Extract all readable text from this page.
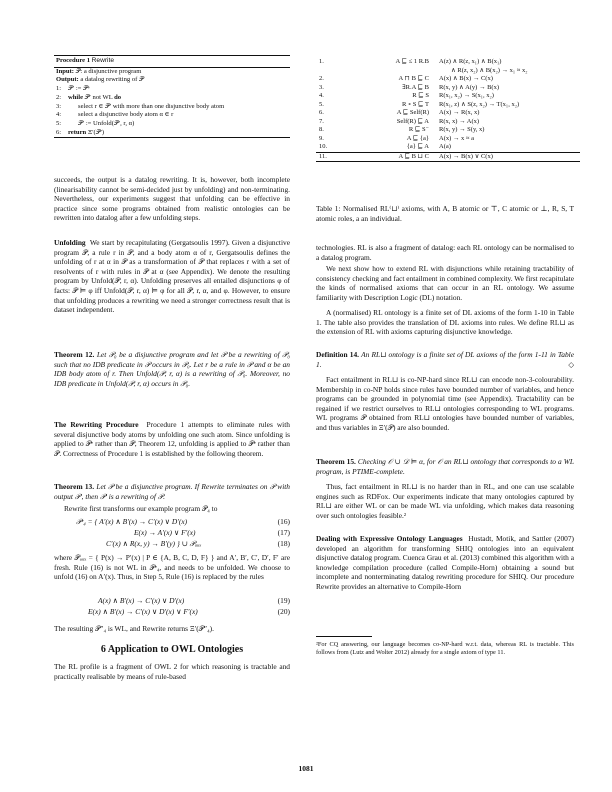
Procedure 1 Rewrite
Input: 𝒫: a disjunctive program
Output: a datalog rewriting of 𝒫
1: 𝒫′ := 𝒫ᵉ
2: while 𝒫′ not WL do
3:	select r ∈ 𝒫′ with more than one disjunctive body atom
4:	select a disjunctive body atom α ∈ r
5:	𝒫′ := Unfold(𝒫′, r, α)
6: return Ξ′(𝒫′)

succeeds, the output is a datalog rewriting. It is, however, both incomplete (linearisability cannot be semi-decided just by unfolding) and non-terminating. Nevertheless, our experiments suggest that unfolding can be effective in practice since some programs obtained from realistic ontologies can be rewritten into datalog after a few unfolding steps.

Unfolding We start by recapitulating (Gergatsoulis 1997). Given a disjunctive program 𝒫, a rule r in 𝒫, and a body atom α of r, Gergatsoulis defines the unfolding of r at α in 𝒫 as a transformation of 𝒫 that replaces r with a set of resolvents of r with rules in 𝒫 at α (see Appendix). We denote the resulting program by Unfold(𝒫, r, α). Unfolding preserves all entailed disjunctions φ of facts: 𝒫 ⊨ φ iff Unfold(𝒫, r, α) ⊨ φ for all 𝒫, r, α, and φ. However, to ensure that unfolding produces a rewriting we need a stronger correctness result that is dataset independent.

Theorem 12. Let 𝒫₀ be a disjunctive program and let 𝒫 be a rewriting of 𝒫₀ such that no IDB predicate in 𝒫 occurs in 𝒫₀. Let r be a rule in 𝒫 and α be an IDB body atom of r. Then Unfold(𝒫, r, α) is a rewriting of 𝒫₀. Moreover, no IDB predicate in Unfold(𝒫, r, α) occurs in 𝒫₀.

The Rewriting Procedure Procedure 1 attempts to eliminate rules with several disjunctive body atoms by unfolding one such atom. Since unfolding is applied to 𝒫ᵉ rather than 𝒫, Theorem 12, unfolding is applied to 𝒫ᵉ rather than 𝒫. Correctness of Procedure 1 is established by the following theorem.

Theorem 13. Let 𝒫 be a disjunctive program. If Rewrite terminates on 𝒫 with output 𝒫′, then 𝒫′ is a rewriting of 𝒫.

Rewrite first transforms our example program 𝒫₄ to

𝒫ᵉ₄ = { A′(x) ∧ B′(x) → C′(x) ∨ D′(x)	(16)
E(x) → A′(x) ∨ F′(x)	(17)
C′(x) ∧ R(x, y) → B′(y) } ∪ 𝒫ₐᵤₓ	(18)

where 𝒫ₐᵤₓ = { P(x) → P′(x) | P ∈ {A, B, C, D, F} } and A′, B′, C′, D′, F′ are fresh. Rule (16) is not WL in 𝒫ᵉ₄, and needs to be unfolded. We choose to unfold (16) on A′(x). Thus, in Step 5, Rule (16) is replaced by the rules

A(x) ∧ B′(x) → C′(x) ∨ D′(x)	(19)
E(x) ∧ B′(x) → C′(x) ∨ D′(x) ∨ F′(x)	(20)

The resulting 𝒫″₄ is WL, and Rewrite returns Ξ′(𝒫″₄).

6 Application to OWL Ontologies

The RL profile is a fragment of OWL 2 for which reasoning is tractable and practically realisable by means of rule-based

1.	A ⊑ ≤ 1 R.B	A(z) ∧ R(z, x₁) ∧ B(x₁)
∧ R(z, x₂) ∧ B(x₂) → x₁ ≈ x₂
2.	A ⊓ B ⊑ C	A(x) ∧ B(x) → C(x)
3.	∃R.A ⊑ B	R(x, y) ∧ A(y) → B(x)
4.	R ⊑ S	R(x₁, x₂) → S(x₁, x₂)
5.	R ∘ S ⊑ T	R(x₁, z) ∧ S(z, x₂) → T(x₁, x₂)
6.	A ⊑ Self(R)	A(x) → R(x, x)
7.	Self(R) ⊑ A	R(x, x) → A(x)
8.	R ⊑ S⁻	R(x, y) → S(y, x)
9.	A ⊑ {a}	A(x) → x ≈ a
10.	{a} ⊑ A	A(a)
11.	A ⊑ B ⊔ C	A(x) → B(x) ∨ C(x)
Table 1: Normalised RL⁽⊔⁾ axioms, with A, B atomic or ⊤, C atomic or ⊥, R, S, T atomic roles, a an individual.

technologies. RL is also a fragment of datalog: each RL ontology can be normalised to a datalog program.

We next show how to extend RL with disjunctions while retaining tractability of consistency checking and fact entailment in combined complexity. We first recapitulate the kinds of normalised axioms that can occur in an RL ontology. We assume familiarity with Description Logic (DL) notation.

A (normalised) RL ontology is a finite set of DL axioms of the form 1-10 in Table 1. The table also provides the translation of DL axioms into rules. We define RL⊔ as the extension of RL with axioms capturing disjunctive knowledge.

Definition 14. An RL⊔ ontology is a finite set of DL axioms of the form 1-11 in Table 1.	◇

Fact entailment in RL⊔ is co-NP-hard since RL⊔ can encode non-3-colourability. Membership in co-NP holds since rules have bounded number of variables, and hence programs can be grounded in polynomial time (see Appendix). Tractability can be regained if we restrict ourselves to RL⊔ ontologies corresponding to WL programs. WL programs 𝒫 obtained from RL⊔ ontologies have bounded number of variables, and thus variables in Ξ′(𝒫) are also bounded.

Theorem 15. Checking 𝒪 ∪ 𝒟 ⊨ α, for 𝒪 an RL⊔ ontology that corresponds to a WL program, is PTIME-complete.

Thus, fact entailment in RL⊔ is no harder than in RL, and one can use scalable engines such as RDFox. Our experiments indicate that many ontologies captured by RL⊔ are either WL or can be made WL via unfolding, which makes data reasoning over such ontologies feasible.²

Dealing with Expressive Ontology Languages Hustadt, Motik, and Sattler (2007) developed an algorithm for transforming SHIQ ontologies into an equivalent disjunctive datalog program. Cuenca Grau et al. (2013) combined this algorithm with a knowledge compilation procedure (called Compile-Horn) obtaining a sound but incomplete and nonterminating datalog rewriting procedure for SHIQ. Our procedure Rewrite provides an alternative to Compile-Horn

²For CQ answering, our language becomes co-NP-hard w.r.t. data, whereas RL is tractable. This follows from (Lutz and Wolter 2012) already for a single axiom of type 11.

1081
